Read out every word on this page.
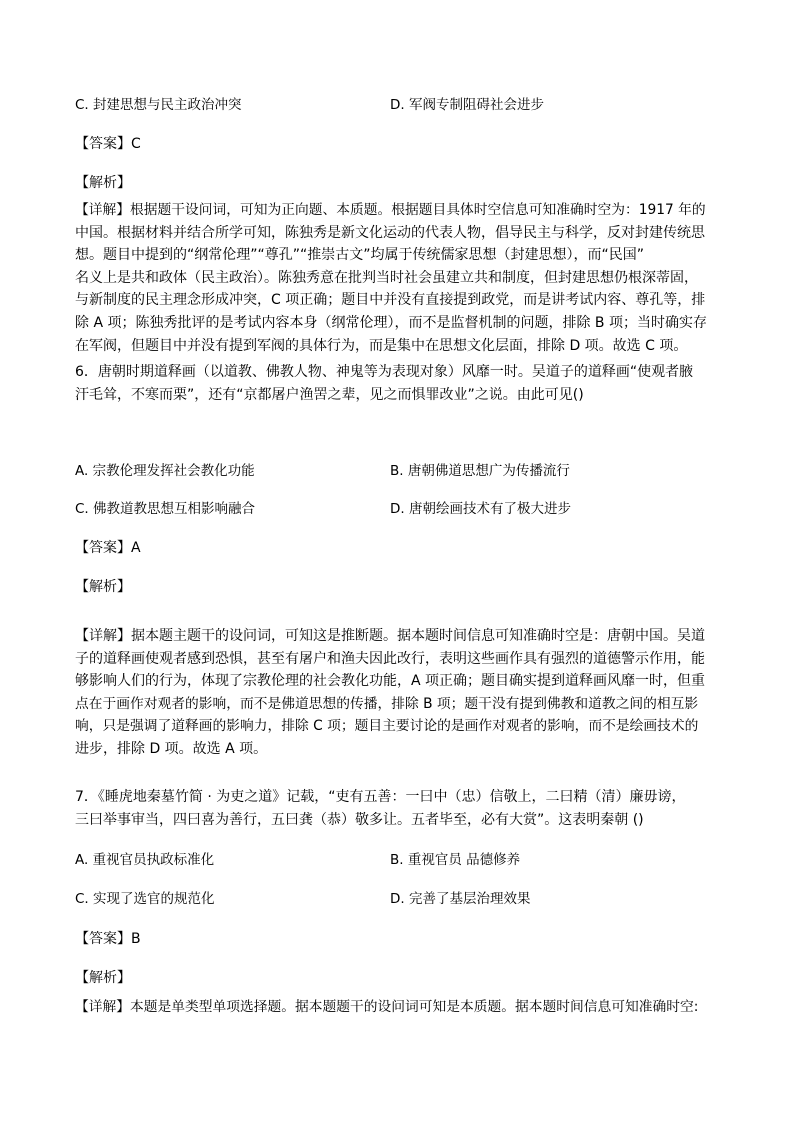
C. 封建思想与民主政治冲突	D. 军阀专制阻碍社会进步
【答案】C
【解析】
【详解】根据题干设问词，可知为正向题、本质题。根据题目具体时空信息可知准确时空为：1917 年的
中国。根据材料并结合所学可知，陈独秀是新文化运动的代表人物，倡导民主与科学，反对封建传统思
想。题目中提到的“纲常伦理”“尊孔”“推崇古文”均属于传统儒家思想（封建思想），而“民国”
名义上是共和政体（民主政治）。陈独秀意在批判当时社会虽建立共和制度，但封建思想仍根深蒂固，
与新制度的民主理念形成冲突，C 项正确；题目中并没有直接提到政党，而是讲考试内容、尊孔等，排
除 A 项；陈独秀批评的是考试内容本身（纲常伦理），而不是监督机制的问题，排除 B 项；当时确实存
在军阀，但题目中并没有提到军阀的具体行为，而是集中在思想文化层面，排除 D 项。故选 C 项。
6．唐朝时期道释画（以道教、佛教人物、神鬼等为表现对象）风靡一时。吴道子的道释画“使观者腋
汗毛耸，不寒而栗”，还有“京都屠户渔罟之辈，见之而惧罪改业”之说。由此可见()
A. 宗教伦理发挥社会教化功能	B. 唐朝佛道思想广为传播流行
C. 佛教道教思想互相影响融合	D. 唐朝绘画技术有了极大进步
【答案】A
【解析】
【详解】据本题主题干的设问词，可知这是推断题。据本题时间信息可知准确时空是：唐朝中国。吴道
子的道释画使观者感到恐惧，甚至有屠户和渔夫因此改行，表明这些画作具有强烈的道德警示作用，能
够影响人们的行为，体现了宗教伦理的社会教化功能，A 项正确；题目确实提到道释画风靡一时，但重
点在于画作对观者的影响，而不是佛道思想的传播，排除 B 项；题干没有提到佛教和道教之间的相互影
响，只是强调了道释画的影响力，排除 C 项；题目主要讨论的是画作对观者的影响，而不是绘画技术的
进步，排除 D 项。故选 A 项。
7．《睡虎地秦墓竹简 · 为吏之道》记载，“吏有五善：一曰中（忠）信敬上，二曰精（清）廉毋谤，
三曰举事审当，四曰喜为善行，五曰龚（恭）敬多让。五者毕至，必有大赏”。这表明秦朝 ()
A. 重视官员执政标准化	B. 重视官员 品德修养
C. 实现了选官的规范化	D. 完善了基层治理效果
【答案】B
【解析】
【详解】本题是单类型单项选择题。据本题题干的设问词可知是本质题。据本题时间信息可知准确时空:
